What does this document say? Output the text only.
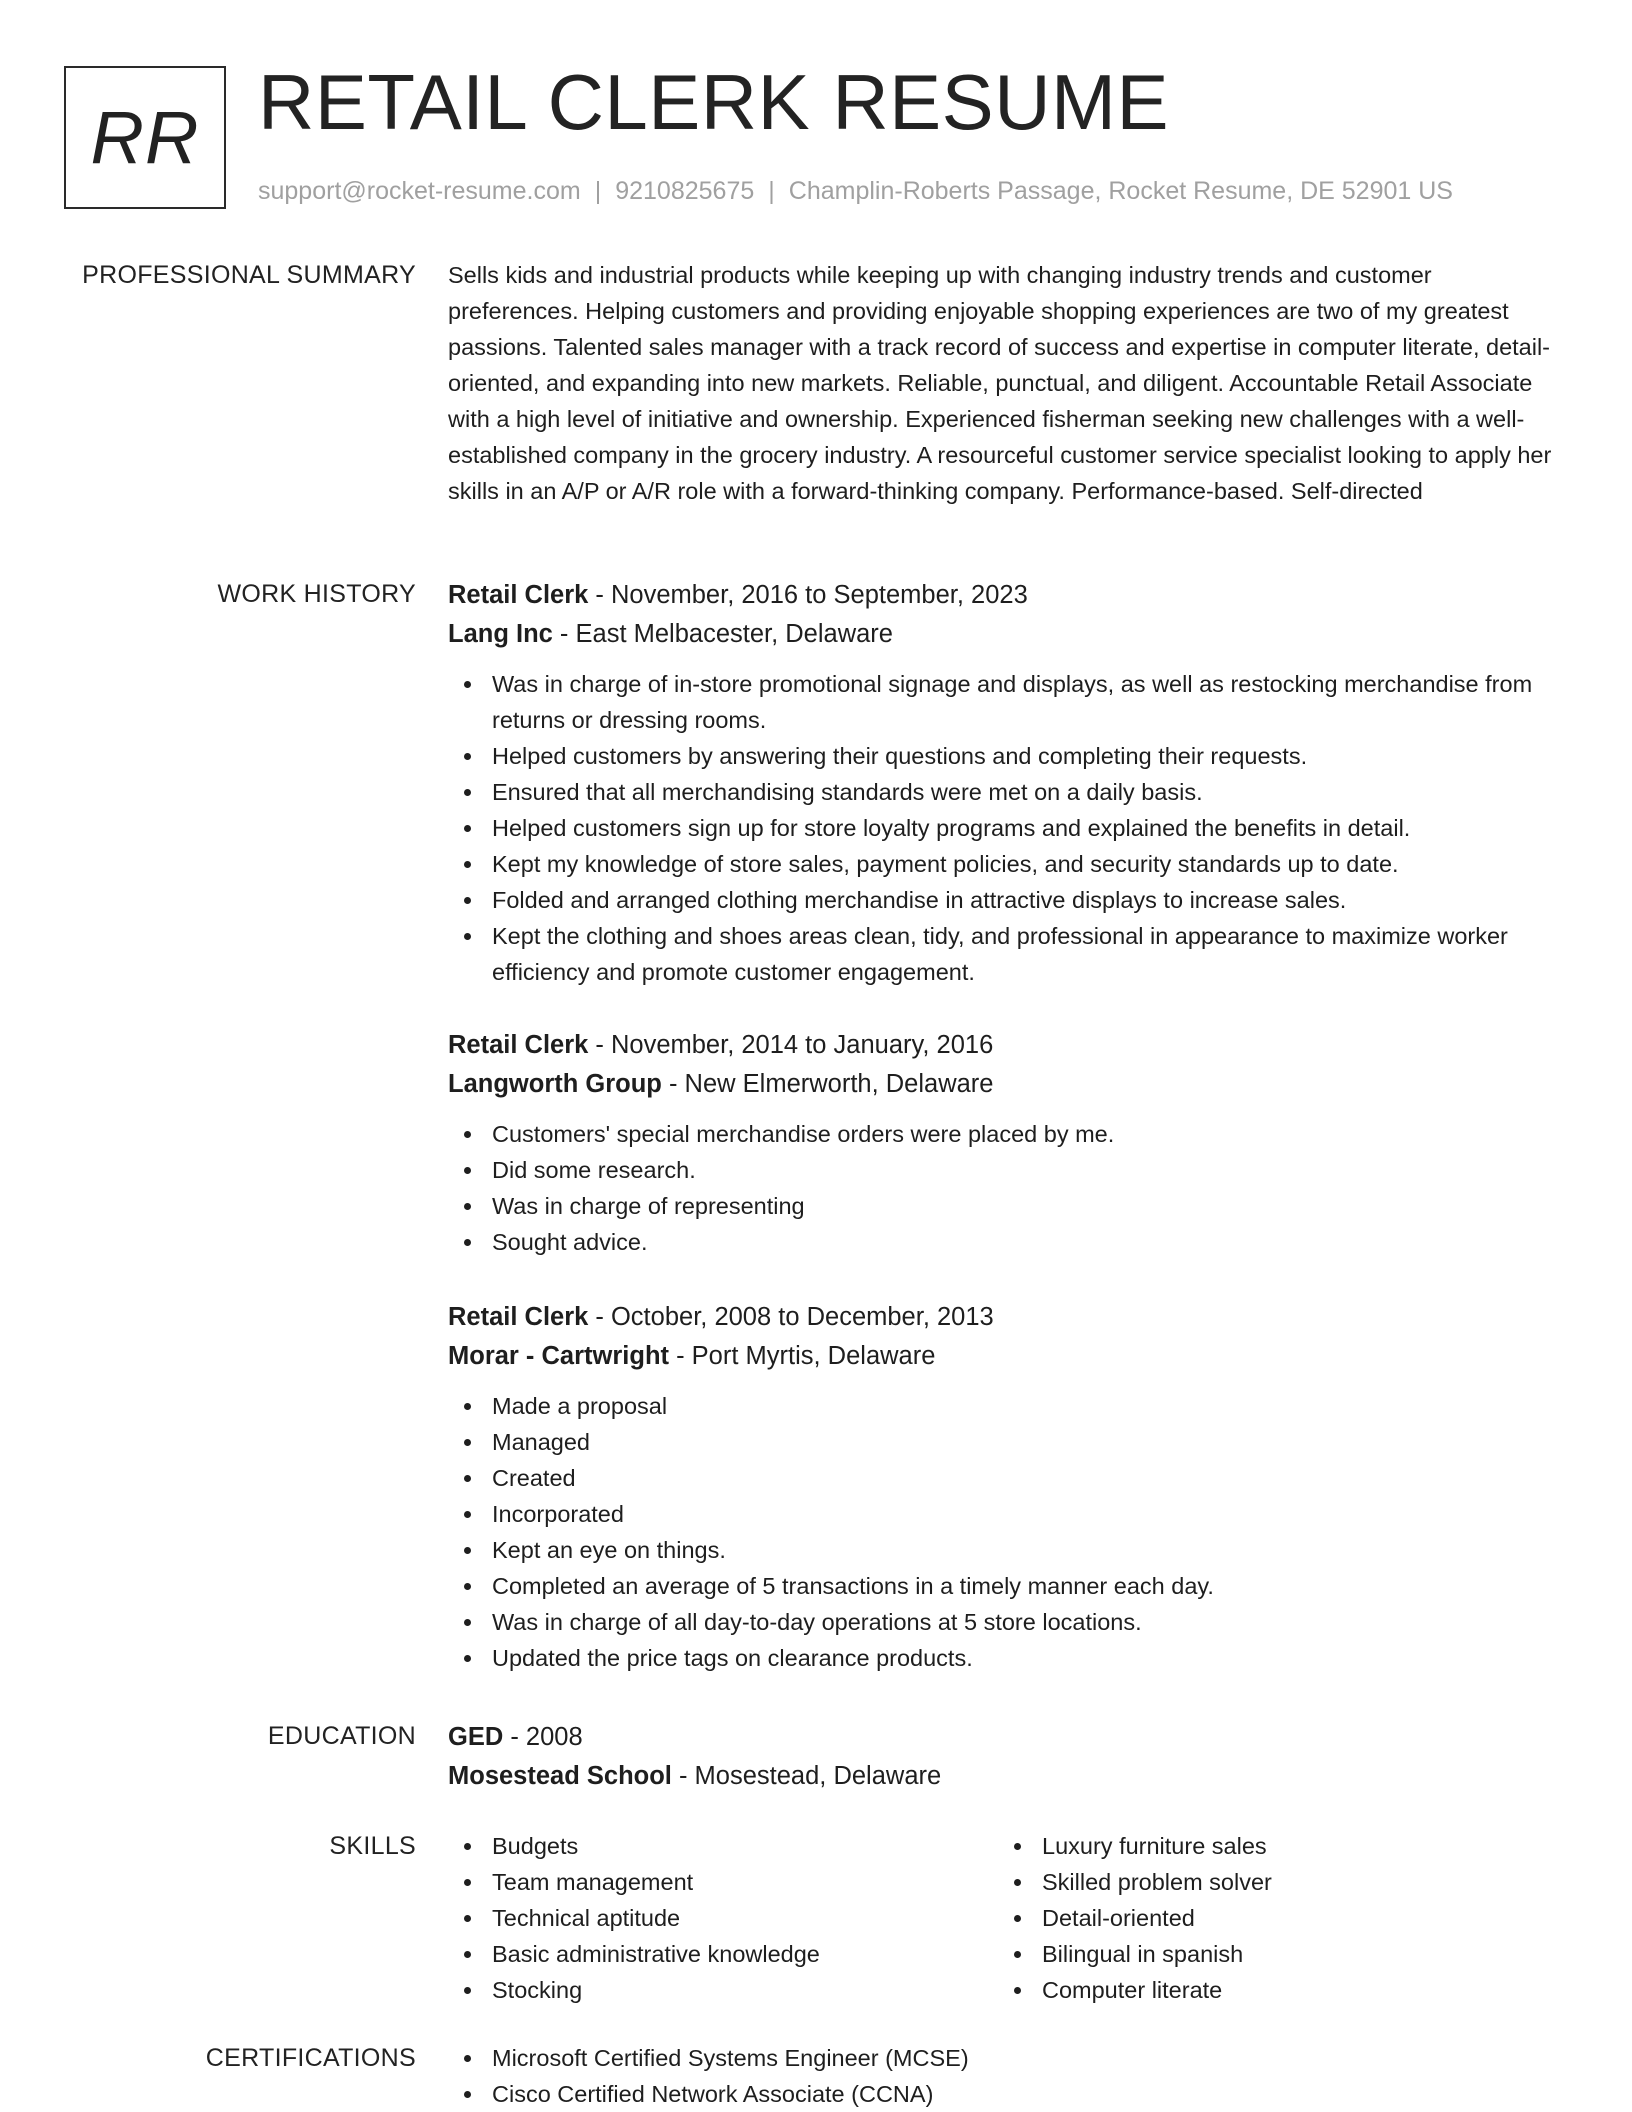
RR RETAIL CLERK RESUME
support@rocket-resume.com | 9210825675 | Champlin-Roberts Passage, Rocket Resume, DE 52901 US
PROFESSIONAL SUMMARY Sells kids and industrial products while keeping up with changing industry trends and customer preferences. Helping customers and providing enjoyable shopping experiences are two of my greatest passions. Talented sales manager with a track record of success and expertise in computer literate, detail-oriented, and expanding into new markets. Reliable, punctual, and diligent. Accountable Retail Associate with a high level of initiative and ownership. Experienced fisherman seeking new challenges with a well-established company in the grocery industry. A resourceful customer service specialist looking to apply her skills in an A/P or A/R role with a forward-thinking company. Performance-based. Self-directed
WORK HISTORY Retail Clerk - November, 2016 to September, 2023
Lang Inc - East Melbacester, Delaware
Was in charge of in-store promotional signage and displays, as well as restocking merchandise from returns or dressing rooms.
Helped customers by answering their questions and completing their requests.
Ensured that all merchandising standards were met on a daily basis.
Helped customers sign up for store loyalty programs and explained the benefits in detail.
Kept my knowledge of store sales, payment policies, and security standards up to date.
Folded and arranged clothing merchandise in attractive displays to increase sales.
Kept the clothing and shoes areas clean, tidy, and professional in appearance to maximize worker efficiency and promote customer engagement.
Retail Clerk - November, 2014 to January, 2016
Langworth Group - New Elmerworth, Delaware
Customers' special merchandise orders were placed by me.
Did some research.
Was in charge of representing
Sought advice.
Retail Clerk - October, 2008 to December, 2013
Morar - Cartwright - Port Myrtis, Delaware
Made a proposal
Managed
Created
Incorporated
Kept an eye on things.
Completed an average of 5 transactions in a timely manner each day.
Was in charge of all day-to-day operations at 5 store locations.
Updated the price tags on clearance products.
EDUCATION GED - 2008
Mosestead School - Mosestead, Delaware
SKILLS	Budgets
Team management
Technical aptitude
Basic administrative knowledge
Stocking
Luxury furniture sales
Skilled problem solver
Detail-oriented
Bilingual in spanish
Computer literate
CERTIFICATIONS	Microsoft Certified Systems Engineer (MCSE)
Cisco Certified Network Associate (CCNA)
